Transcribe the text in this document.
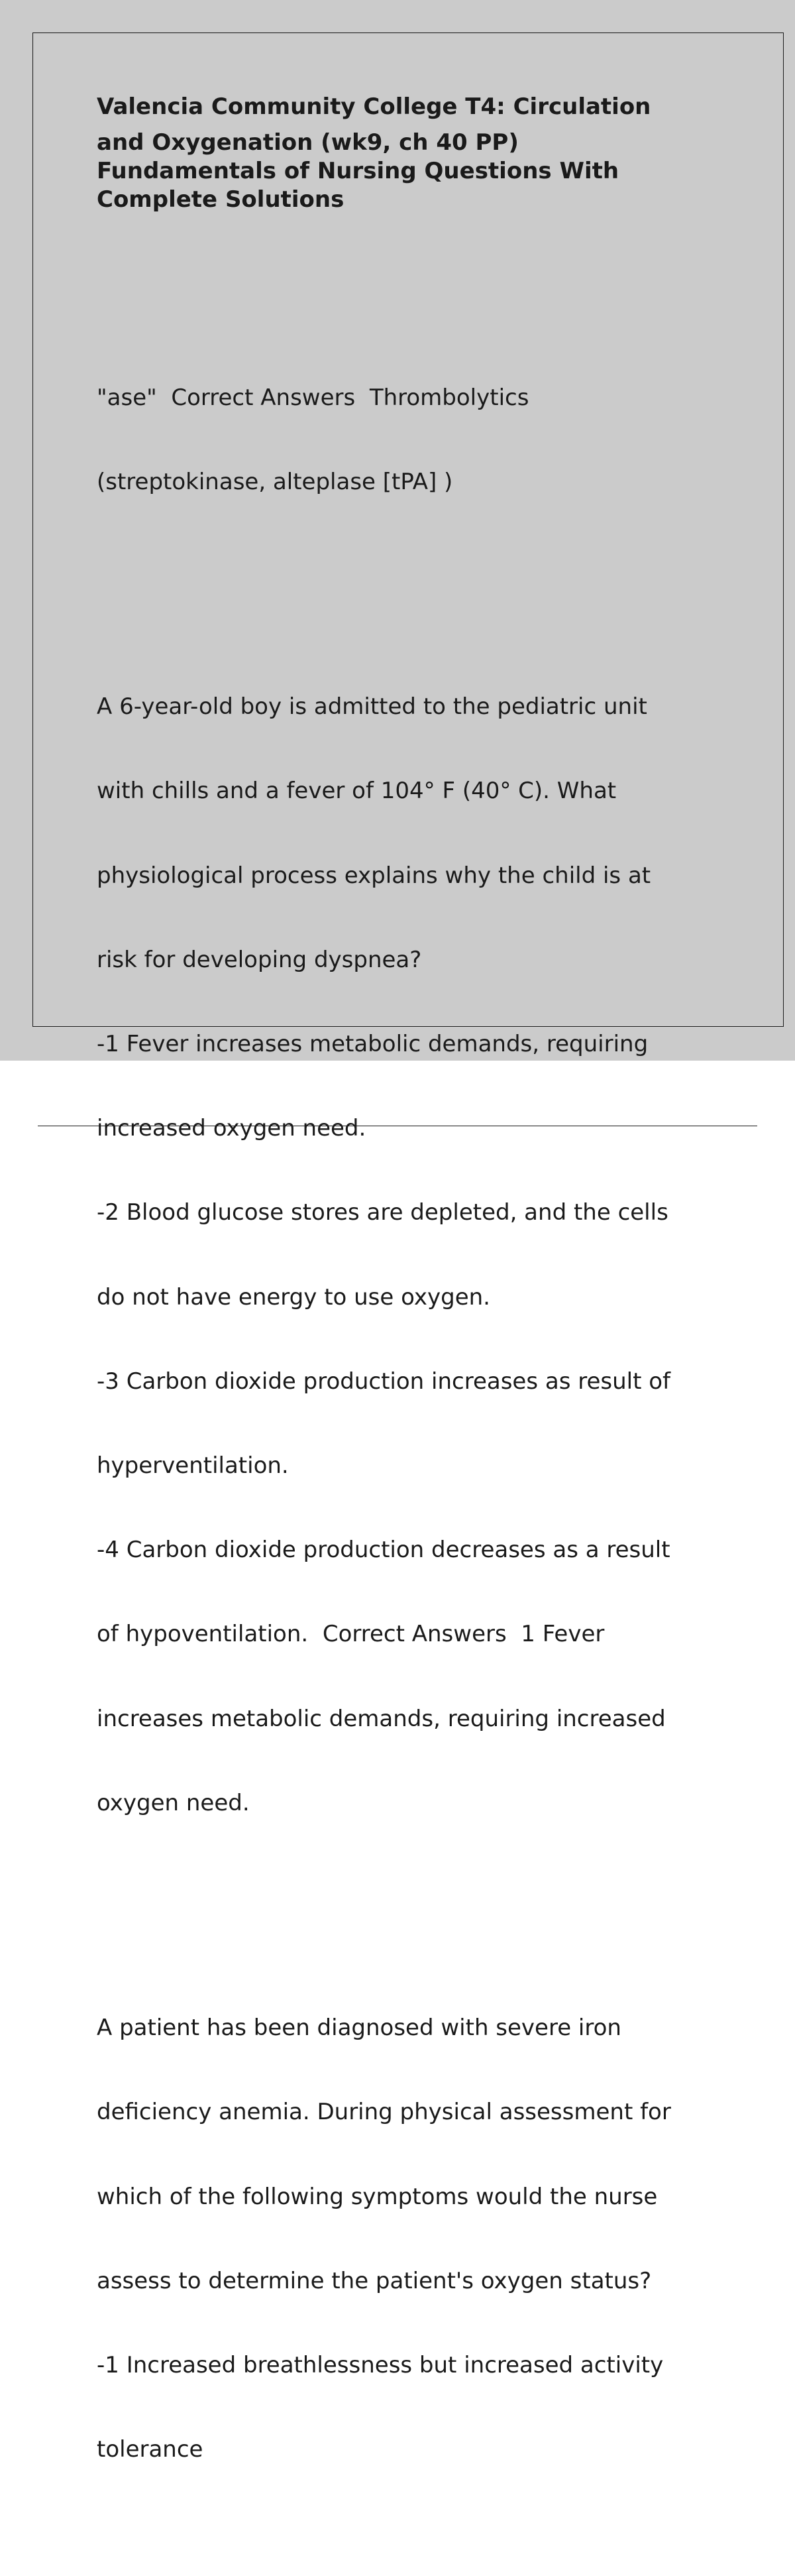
Valencia Community College T4: Circulation
and Oxygenation (wk9, ch 40 PP)
Fundamentals of Nursing Questions With
Complete Solutions

"ase"  Correct Answers  Thrombolytics

(streptokinase, alteplase [tPA] )

A 6-year-old boy is admitted to the pediatric unit

with chills and a fever of 104° F (40° C). What

physiological process explains why the child is at

risk for developing dyspnea?

-1 Fever increases metabolic demands, requiring

increased oxygen need.

-2 Blood glucose stores are depleted, and the cells

do not have energy to use oxygen.

-3 Carbon dioxide production increases as result of

hyperventilation.

-4 Carbon dioxide production decreases as a result

of hypoventilation.  Correct Answers  1 Fever

increases metabolic demands, requiring increased

oxygen need.

A patient has been diagnosed with severe iron

deficiency anemia. During physical assessment for

which of the following symptoms would the nurse

assess to determine the patient's oxygen status?

-1 Increased breathlessness but increased activity

tolerance
